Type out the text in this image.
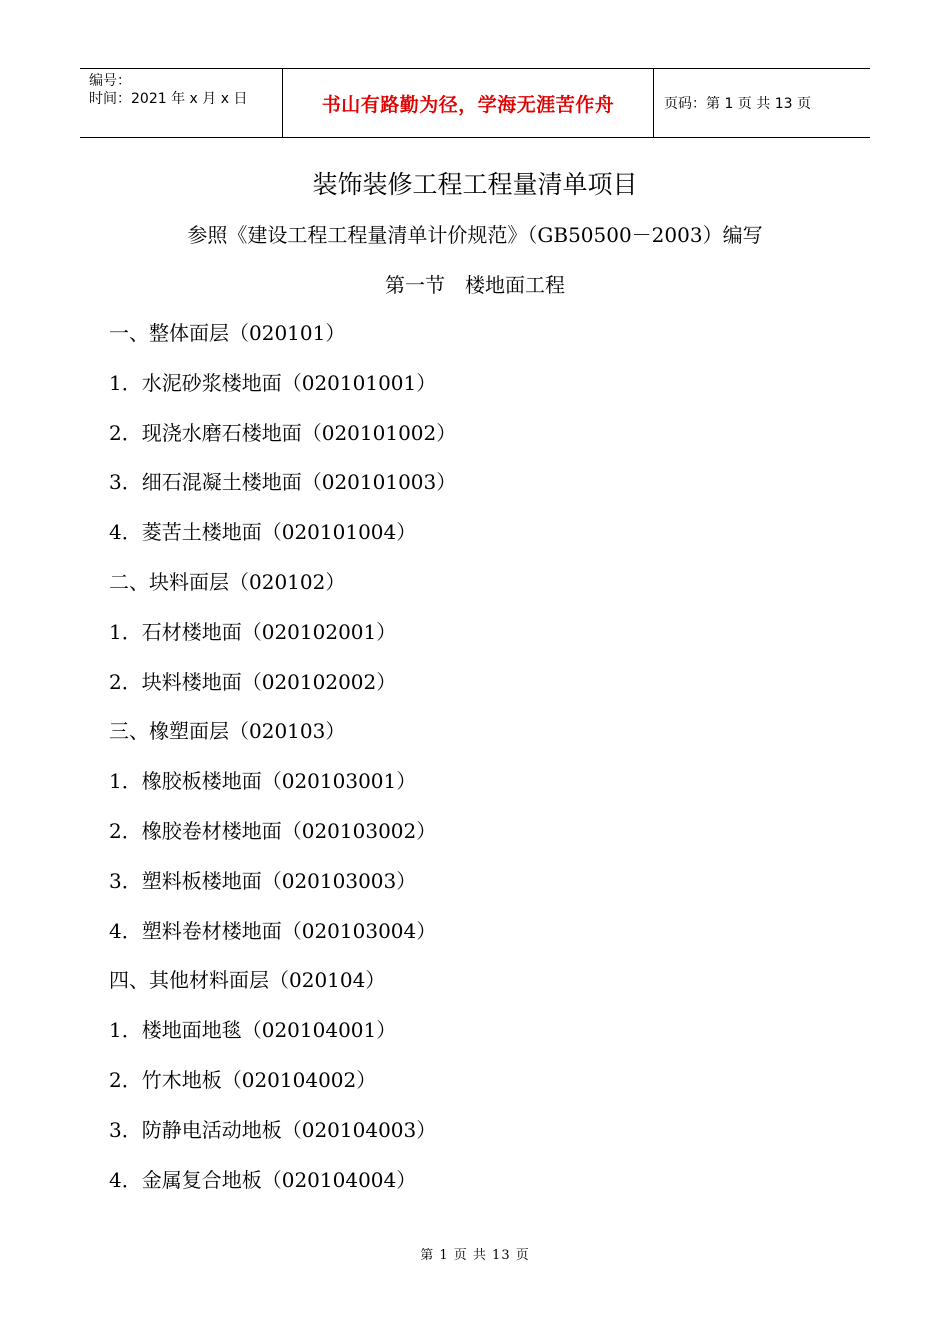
编号：
时间：2021 年 x 月 x 日	书山有路勤为径，学海无涯苦作舟	页码：第 1 页 共 13 页
装饰装修工程工程量清单项目
参照《建设工程工程量清单计价规范》（GB50500－2003）编写
第一节　楼地面工程
一、整体面层（020101）
1．水泥砂浆楼地面（020101001）
2．现浇水磨石楼地面（020101002）
3．细石混凝土楼地面（020101003）
4．菱苦土楼地面（020101004）
二、块料面层（020102）
1．石材楼地面（020102001）
2．块料楼地面（020102002）
三、橡塑面层（020103）
1．橡胶板楼地面（020103001）
2．橡胶卷材楼地面（020103002）
3．塑料板楼地面（020103003）
4．塑料卷材楼地面（020103004）
四、其他材料面层（020104）
1．楼地面地毯（020104001）
2．竹木地板（020104002）
3．防静电活动地板（020104003）
4．金属复合地板（020104004）
第 1 页 共 13 页
